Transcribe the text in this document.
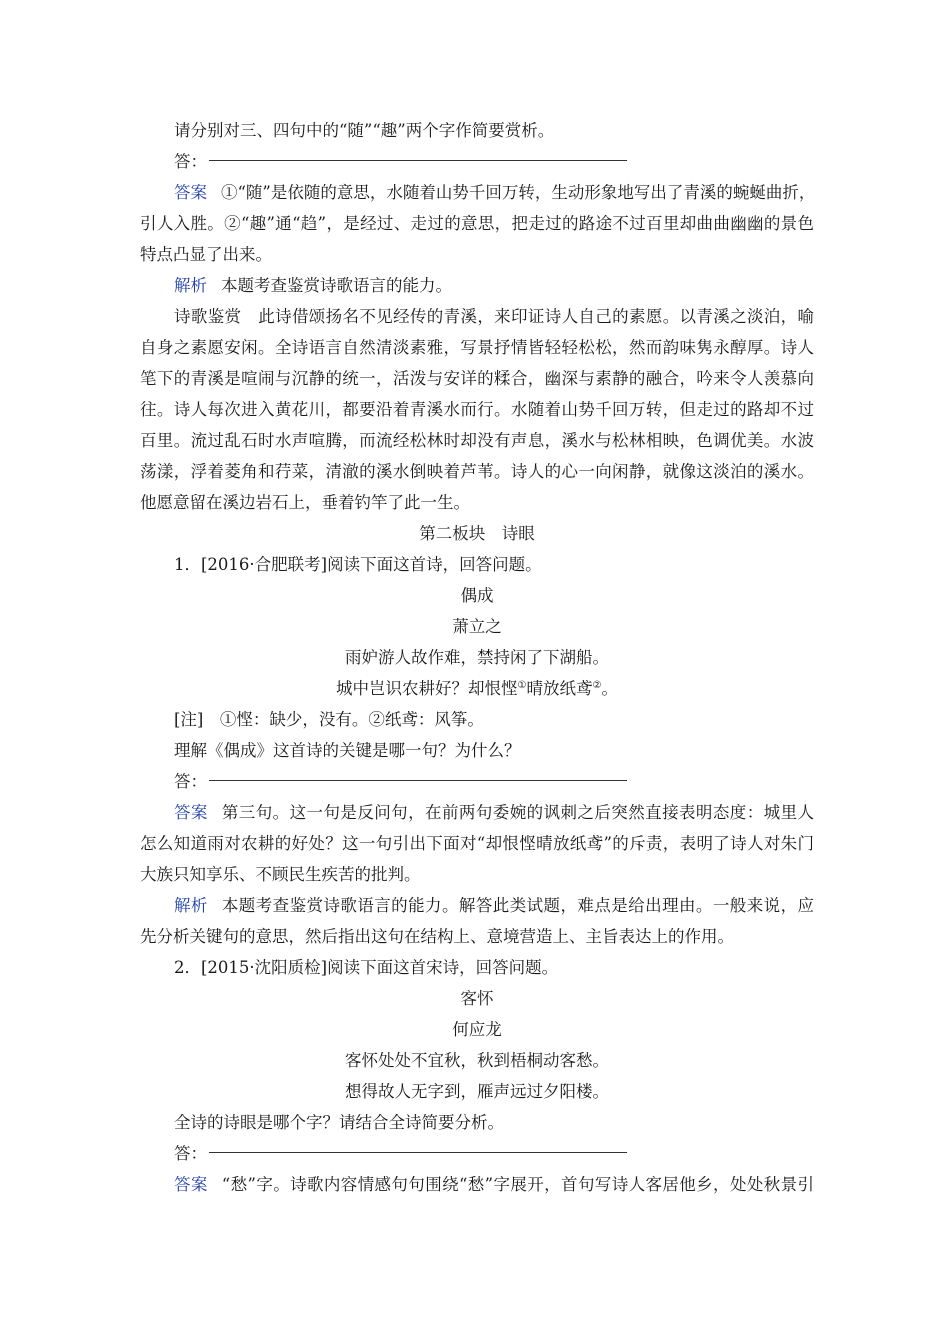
请分别对三、四句中的“随”“趣”两个字作简要赏析。
答：
答案 ①“随”是依随的意思，水随着山势千回万转，生动形象地写出了青溪的蜿蜒曲折，
引人入胜。②“趣”通“趋”，是经过、走过的意思，把走过的路途不过百里却曲曲幽幽的景色
特点凸显了出来。
解析 本题考查鉴赏诗歌语言的能力。
诗歌鉴赏　此诗借颂扬名不见经传的青溪，来印证诗人自己的素愿。以青溪之淡泊，喻
自身之素愿安闲。全诗语言自然清淡素雅，写景抒情皆轻轻松松，然而韵味隽永醇厚。诗人
笔下的青溪是喧闹与沉静的统一，活泼与安详的糅合，幽深与素静的融合，吟来令人羡慕向
往。诗人每次进入黄花川，都要沿着青溪水而行。水随着山势千回万转，但走过的路却不过
百里。流过乱石时水声喧腾，而流经松林时却没有声息，溪水与松林相映，色调优美。水波
荡漾，浮着菱角和荇菜，清澈的溪水倒映着芦苇。诗人的心一向闲静，就像这淡泊的溪水。
他愿意留在溪边岩石上，垂着钓竿了此一生。
第二板块　诗眼
1．[2016·合肥联考]阅读下面这首诗，回答问题。
偶成
萧立之
雨妒游人故作难，禁持闲了下湖船。
城中岂识农耕好？却恨悭①晴放纸鸢②。
[注]　①悭：缺少，没有。②纸鸢：风筝。
理解《偶成》这首诗的关键是哪一句？为什么？
答：
答案 第三句。这一句是反问句，在前两句委婉的讽刺之后突然直接表明态度：城里人
怎么知道雨对农耕的好处？这一句引出下面对“却恨悭晴放纸鸢”的斥责，表明了诗人对朱门
大族只知享乐、不顾民生疾苦的批判。
解析 本题考查鉴赏诗歌语言的能力。解答此类试题，难点是给出理由。一般来说，应
先分析关键句的意思，然后指出这句在结构上、意境营造上、主旨表达上的作用。
2．[2015·沈阳质检]阅读下面这首宋诗，回答问题。
客怀
何应龙
客怀处处不宜秋，秋到梧桐动客愁。
想得故人无字到，雁声远过夕阳楼。
全诗的诗眼是哪个字？请结合全诗简要分析。
答：
答案 “愁”字。诗歌内容情感句句围绕“愁”字展开，首句写诗人客居他乡，处处秋景引
